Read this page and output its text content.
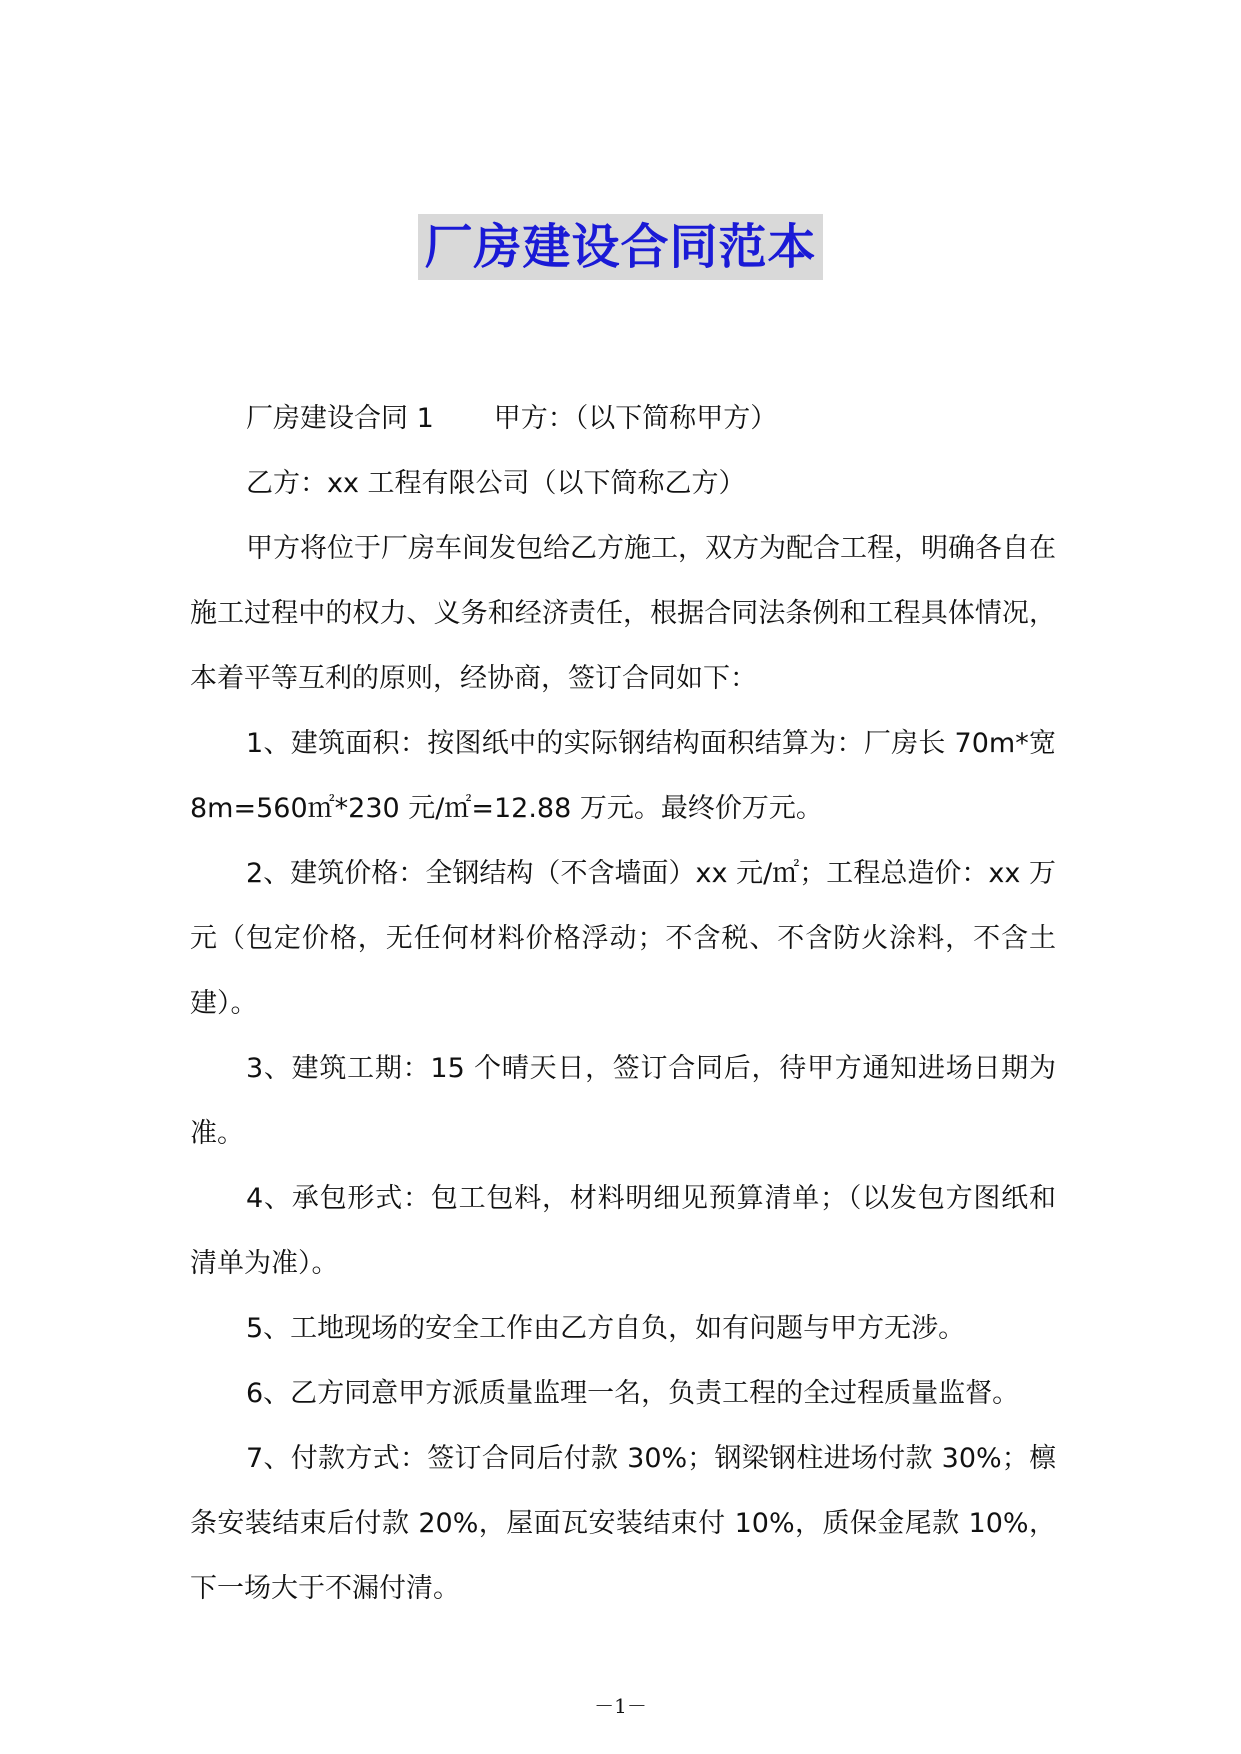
厂房建设合同范本

厂房建设合同 1 甲方：（以下简称甲方）

乙方：xx 工程有限公司（以下简称乙方）

甲方将位于厂房车间发包给乙方施工，双方为配合工程，明确各自在施工过程中的权力、义务和经济责任，根据合同法条例和工程具体情况，本着平等互利的原则，经协商，签订合同如下：

1、建筑面积：按图纸中的实际钢结构面积结算为：厂房长 70m*宽 8m=560㎡*230 元/㎡=12.88 万元。最终价万元。

2、建筑价格：全钢结构（不含墙面）xx 元/㎡；工程总造价：xx 万元（包定价格，无任何材料价格浮动；不含税、不含防火涂料，不含土建）。

3、建筑工期：15 个晴天日，签订合同后，待甲方通知进场日期为准。

4、承包形式：包工包料，材料明细见预算清单；（以发包方图纸和清单为准）。

5、工地现场的安全工作由乙方自负，如有问题与甲方无涉。

6、乙方同意甲方派质量监理一名，负责工程的全过程质量监督。

7、付款方式：签订合同后付款 30%；钢梁钢柱进场付款 30%；檩条安装结束后付款 20%，屋面瓦安装结束付 10%，质保金尾款 10%，下一场大于不漏付清。

－1－
